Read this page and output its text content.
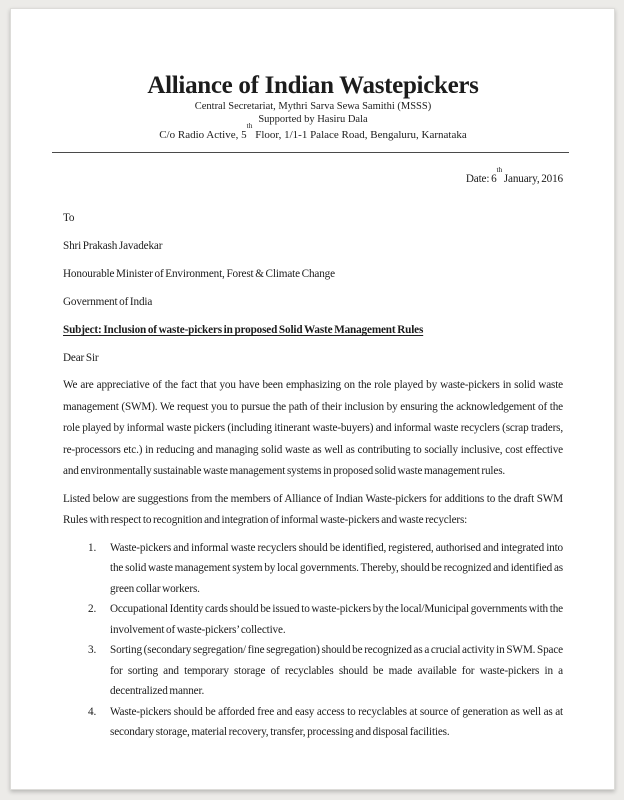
Alliance of Indian Wastepickers
Central Secretariat, Mythri Sarva Sewa Samithi (MSSS)
Supported by Hasiru Dala
C/o Radio Active, 5th Floor, 1/1-1 Palace Road, Bengaluru, Karnataka
Date: 6th January, 2016
To
Shri Prakash Javadekar
Honourable Minister of Environment, Forest & Climate Change
Government of India
Subject: Inclusion of waste-pickers in proposed Solid Waste Management Rules
Dear Sir
We are appreciative of the fact that you have been emphasizing on the role played by waste-pickers in solid waste management (SWM). We request you to pursue the path of their inclusion by ensuring the acknowledgement of the role played by informal waste pickers (including itinerant waste-buyers) and informal waste recyclers (scrap traders, re-processors etc.) in reducing and managing solid waste as well as contributing to socially inclusive, cost effective and environmentally sustainable waste management systems in proposed solid waste management rules.
Listed below are suggestions from the members of Alliance of Indian Waste-pickers for additions to the draft SWM Rules with respect to recognition and integration of informal waste-pickers and waste recyclers:
1. Waste-pickers and informal waste recyclers should be identified, registered, authorised and integrated into the solid waste management system by local governments. Thereby, should be recognized and identified as green collar workers.
2. Occupational Identity cards should be issued to waste-pickers by the local/Municipal governments with the involvement of waste-pickers’ collective.
3. Sorting (secondary segregation/ fine segregation) should be recognized as a crucial activity in SWM. Space for sorting and temporary storage of recyclables should be made available for waste-pickers in a decentralized manner.
4. Waste-pickers should be afforded free and easy access to recyclables at source of generation as well as at secondary storage, material recovery, transfer, processing and disposal facilities.
